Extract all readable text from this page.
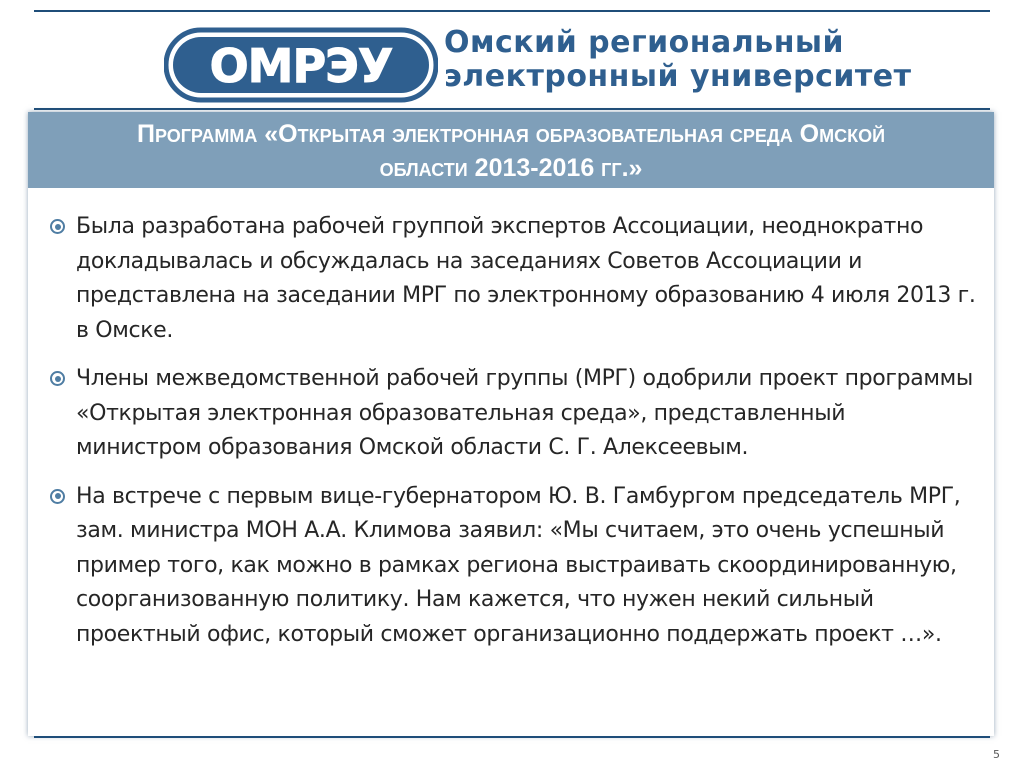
ОМРЭУ Омский региональный
электронный университет
Программа «Открытая электронная образовательная среда Омской
области 2013-2016 гг.»
Была разработана рабочей группой экспертов Ассоциации, неоднократно докладывалась и обсуждалась на заседаниях Советов Ассоциации и представлена на заседании МРГ по электронному образованию 4 июля 2013 г. в Омске.
Члены межведомственной рабочей группы (МРГ) одобрили проект программы «Открытая электронная образовательная среда», представленный министром образования Омской области С. Г. Алексеевым.
На встрече с первым вице-губернатором Ю. В. Гамбургом председатель МРГ, зам. министра МОН А.А. Климова заявил: «Мы считаем, это очень успешный пример того, как можно в рамках региона выстраивать скоординированную, соорганизованную политику. Нам кажется, что нужен некий сильный проектный офис, который сможет организационно поддержать проект …».
5
